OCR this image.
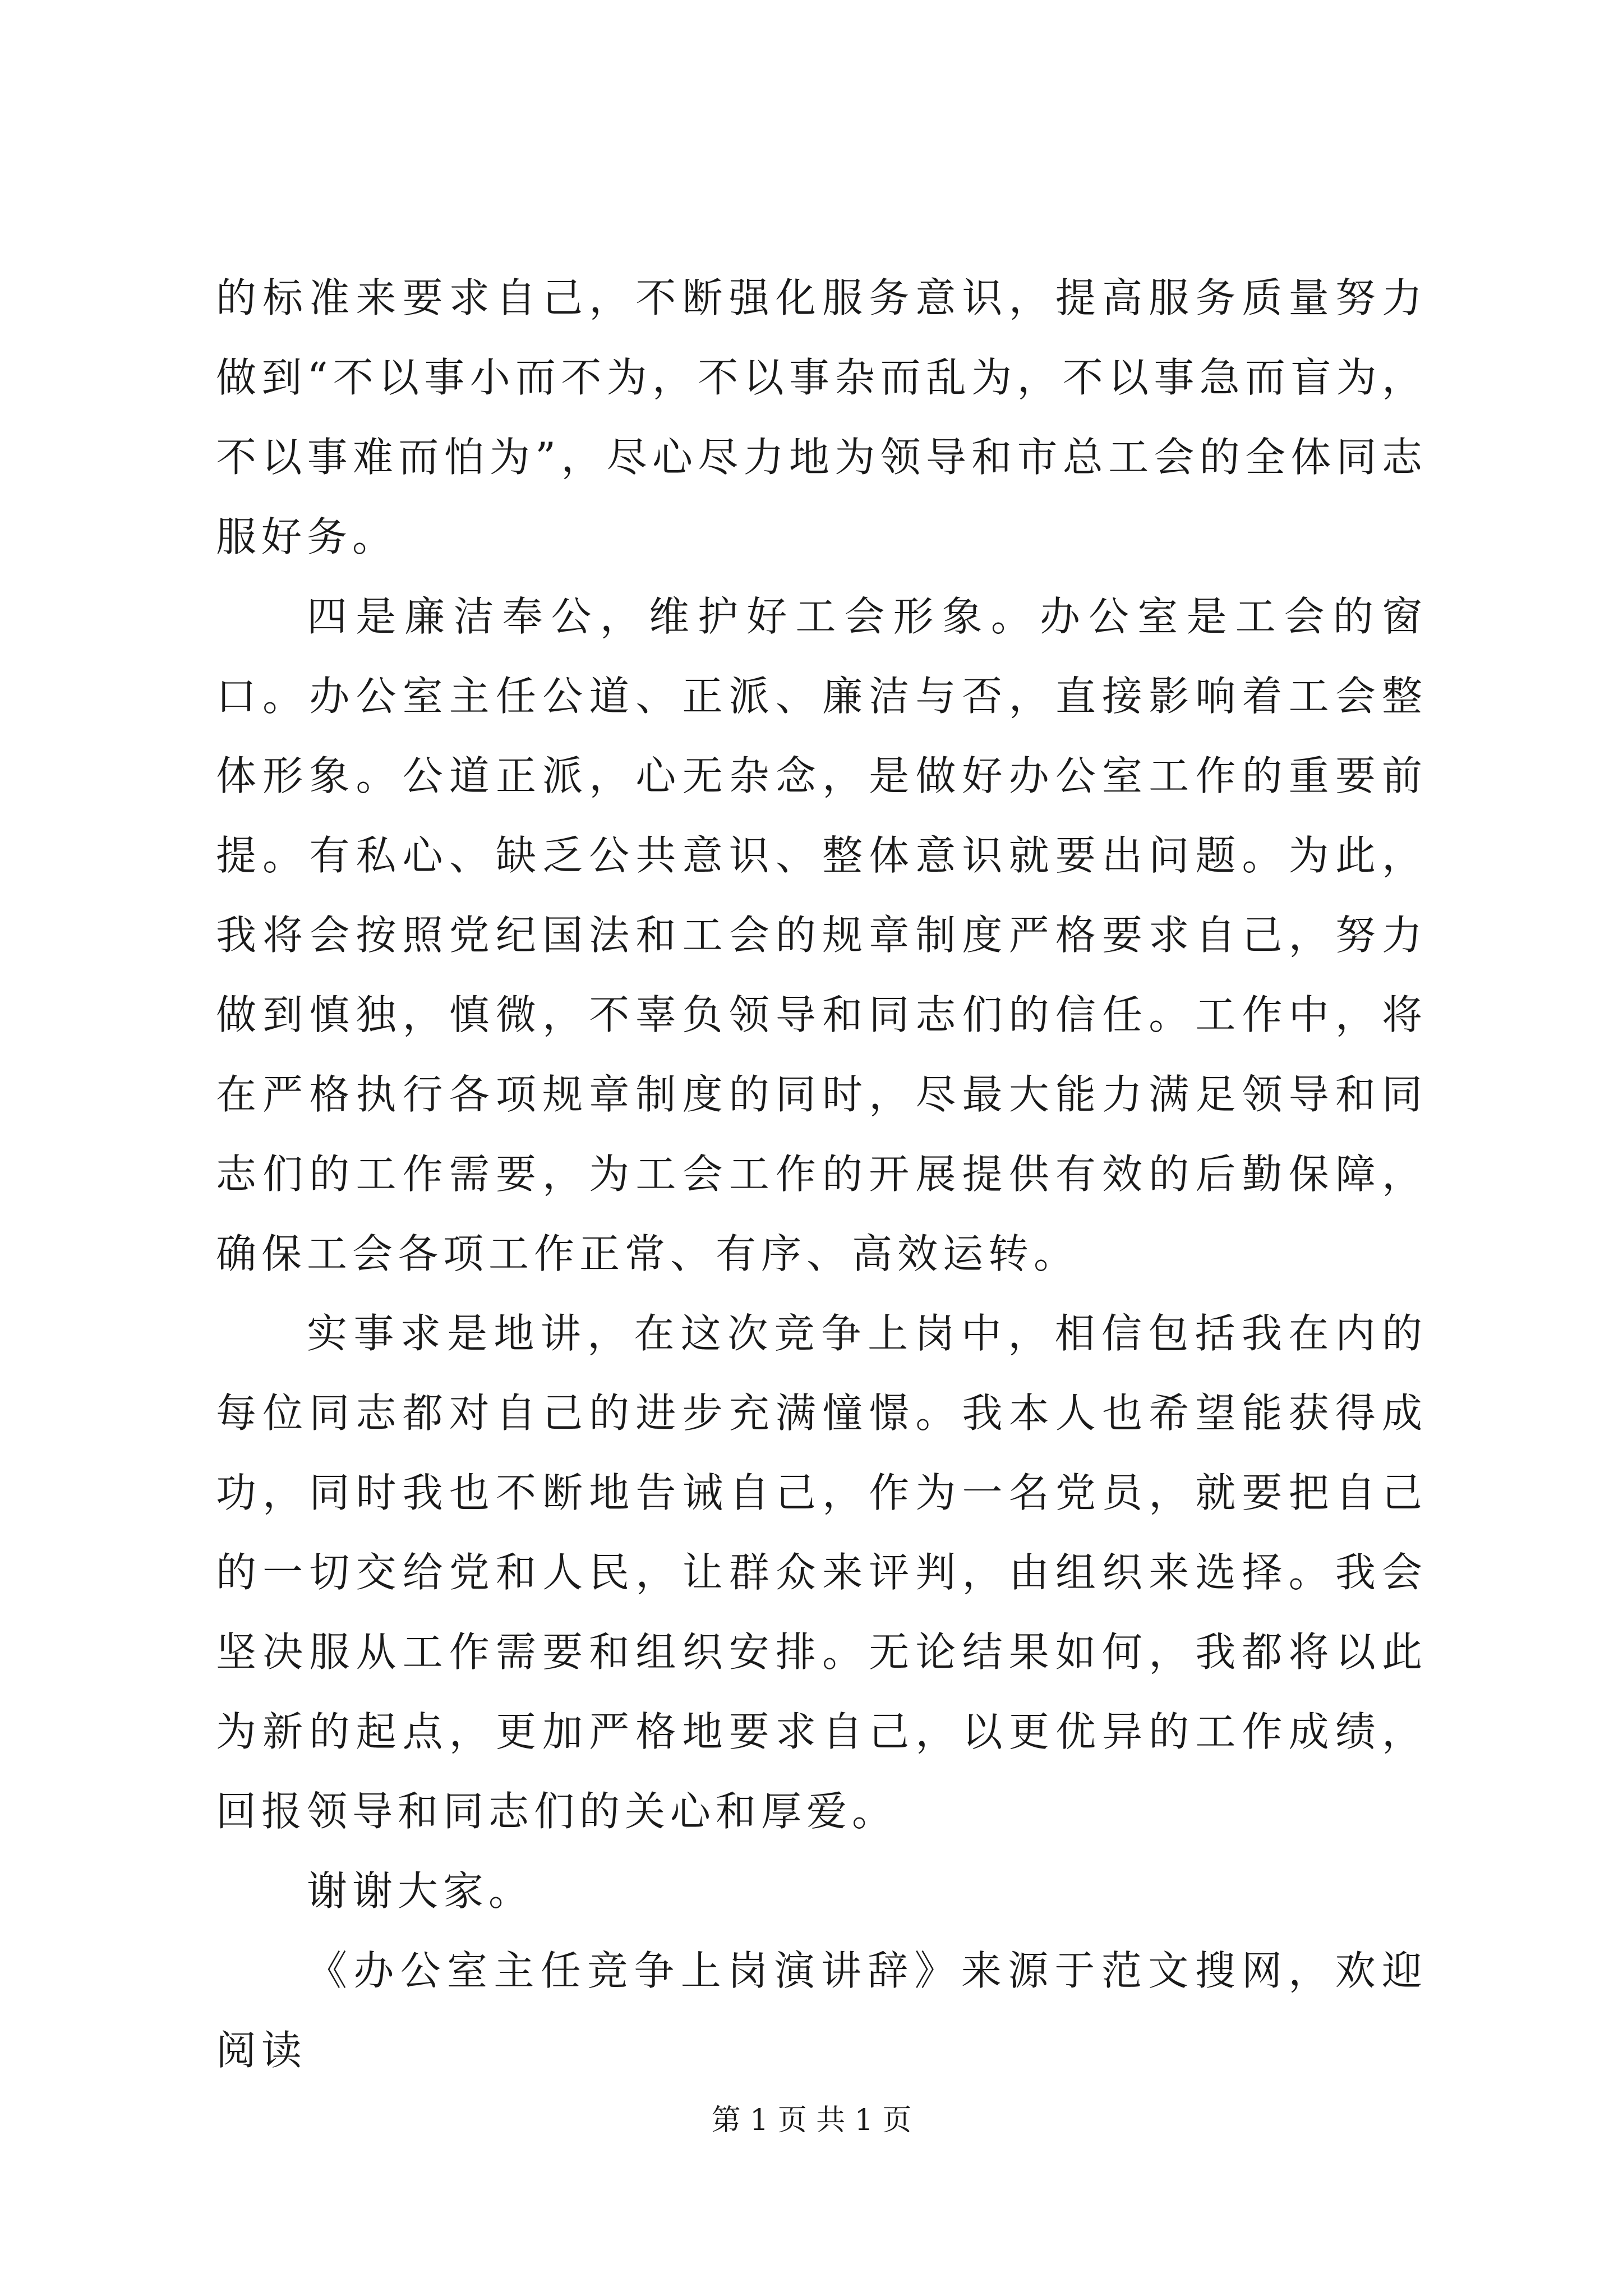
的标准来要求自己，不断强化服务意识，提高服务质量努力做到“不以事小而不为，不以事杂而乱为，不以事急而盲为，不以事难而怕为”，尽心尽力地为领导和市总工会的全体同志服好务。

四是廉洁奉公，维护好工会形象。办公室是工会的窗口。办公室主任公道、正派、廉洁与否，直接影响着工会整体形象。公道正派，心无杂念，是做好办公室工作的重要前提。有私心、缺乏公共意识、整体意识就要出问题。为此，我将会按照党纪国法和工会的规章制度严格要求自己，努力做到慎独，慎微，不辜负领导和同志们的信任。工作中，将在严格执行各项规章制度的同时，尽最大能力满足领导和同志们的工作需要，为工会工作的开展提供有效的后勤保障，确保工会各项工作正常、有序、高效运转。

实事求是地讲，在这次竞争上岗中，相信包括我在内的每位同志都对自己的进步充满憧憬。我本人也希望能获得成功，同时我也不断地告诫自己，作为一名党员，就要把自己的一切交给党和人民，让群众来评判，由组织来选择。我会坚决服从工作需要和组织安排。无论结果如何，我都将以此为新的起点，更加严格地要求自己，以更优异的工作成绩，回报领导和同志们的关心和厚爱。

谢谢大家。

《办公室主任竞争上岗演讲辞》来源于范文搜网，欢迎阅读

第 1 页 共 1 页
